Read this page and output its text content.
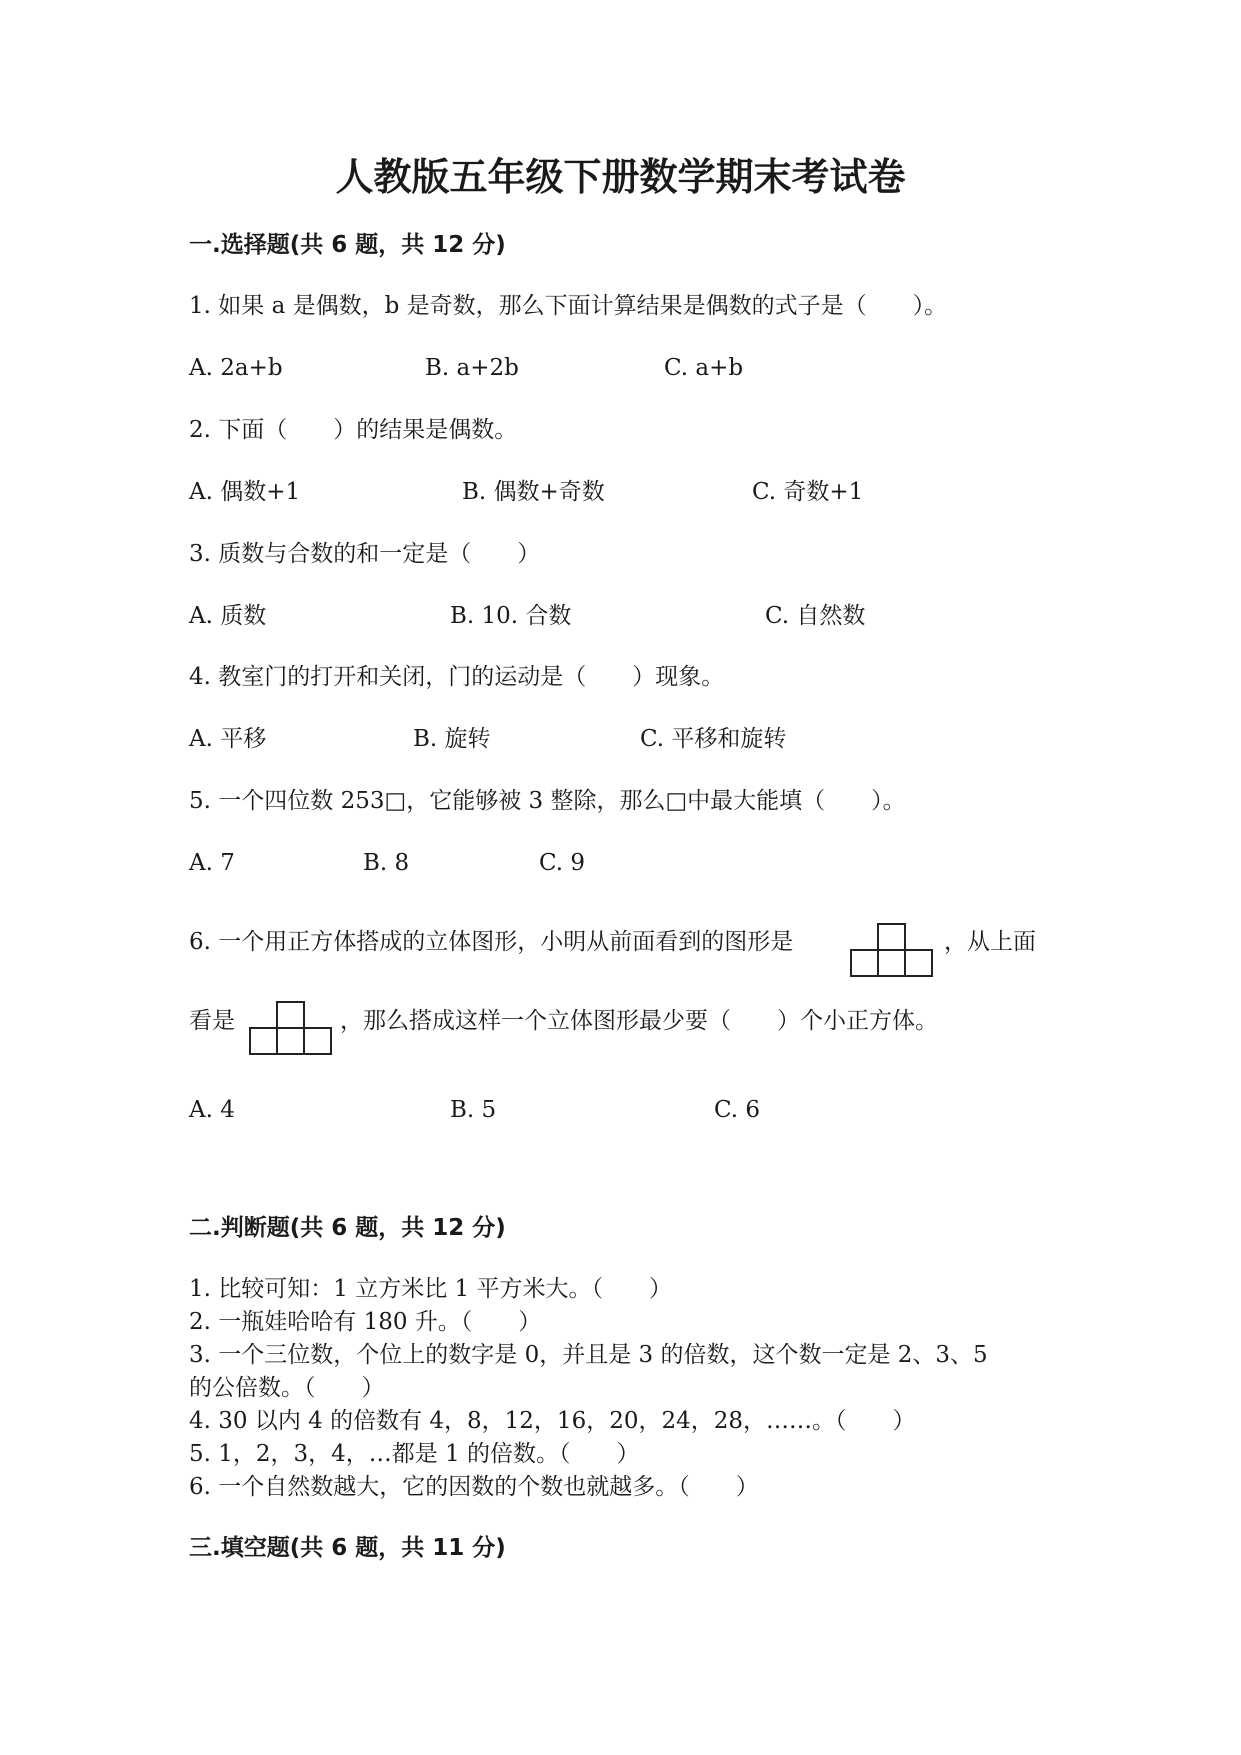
人教版五年级下册数学期末考试卷
一.选择题(共 6 题，共 12 分)
1. 如果 a 是偶数，b 是奇数，那么下面计算结果是偶数的式子是（　　）。
A. 2a+b	B. a+2b	C. a+b
2. 下面（　　）的结果是偶数。
A. 偶数+1	B. 偶数+奇数	C. 奇数+1
3. 质数与合数的和一定是（　　）
A. 质数	B. 10. 合数	C. 自然数
4. 教室门的打开和关闭，门的运动是（　　）现象。
A. 平移	B. 旋转	C. 平移和旋转
5. 一个四位数 253□，它能够被 3 整除，那么□中最大能填（　　）。
A. 7	B. 8	C. 9
6. 一个用正方体搭成的立体图形，小明从前面看到的图形是	，从上面
看是	，那么搭成这样一个立体图形最少要（　　）个小正方体。
A. 4	B. 5	C. 6
二.判断题(共 6 题，共 12 分)
1. 比较可知：1 立方米比 1 平方米大。（　　）
2. 一瓶娃哈哈有 180 升。（　　）
3. 一个三位数，个位上的数字是 0，并且是 3 的倍数，这个数一定是 2、3、5
的公倍数。（　　）
4. 30 以内 4 的倍数有 4，8，12，16，20，24，28，……。（　　）
5. 1，2，3，4，…都是 1 的倍数。（　　）
6. 一个自然数越大，它的因数的个数也就越多。（　　）
三.填空题(共 6 题，共 11 分)
